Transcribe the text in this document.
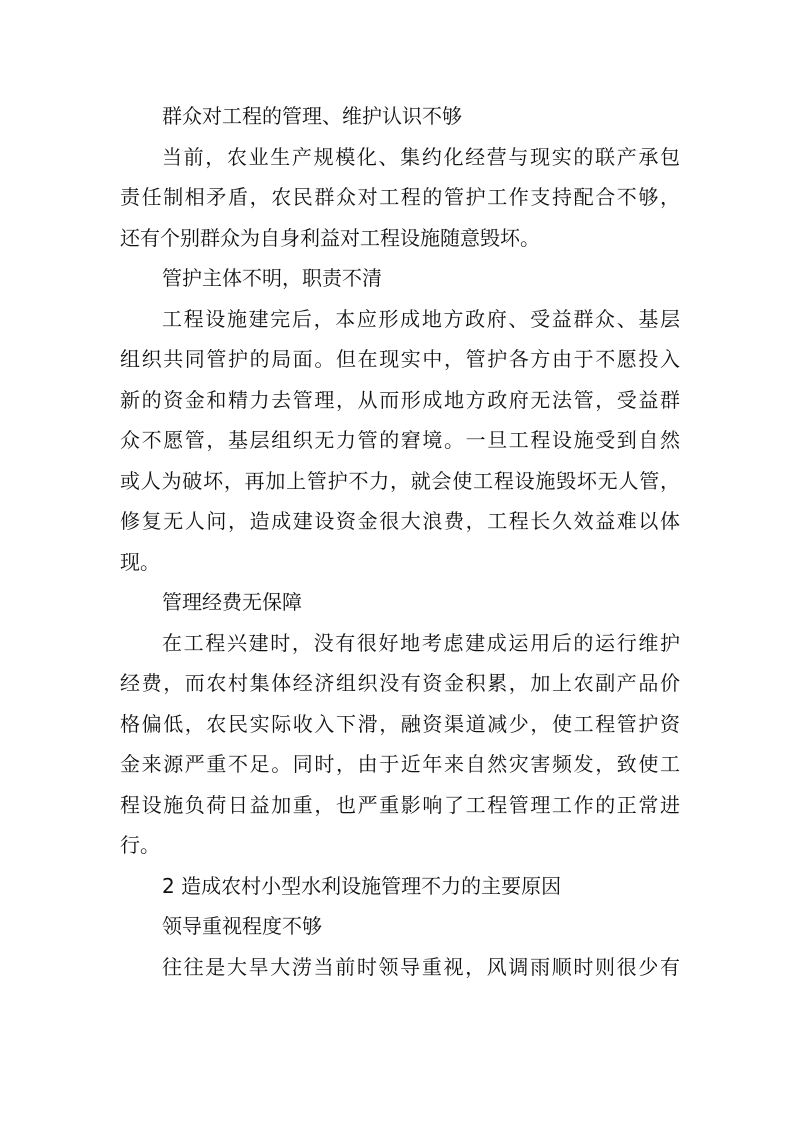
群众对工程的管理、维护认识不够
当前，农业生产规模化、集约化经营与现实的联产承包
责任制相矛盾，农民群众对工程的管护工作支持配合不够，
还有个别群众为自身利益对工程设施随意毁坏。
管护主体不明，职责不清
工程设施建完后，本应形成地方政府、受益群众、基层
组织共同管护的局面。但在现实中，管护各方由于不愿投入
新的资金和精力去管理，从而形成地方政府无法管，受益群
众不愿管，基层组织无力管的窘境。一旦工程设施受到自然
或人为破坏，再加上管护不力，就会使工程设施毁坏无人管，
修复无人问，造成建设资金很大浪费，工程长久效益难以体
现。
管理经费无保障
在工程兴建时，没有很好地考虑建成运用后的运行维护
经费，而农村集体经济组织没有资金积累，加上农副产品价
格偏低，农民实际收入下滑，融资渠道减少，使工程管护资
金来源严重不足。同时，由于近年来自然灾害频发，致使工
程设施负荷日益加重，也严重影响了工程管理工作的正常进
行。
2 造成农村小型水利设施管理不力的主要原因
领导重视程度不够
往往是大旱大涝当前时领导重视，风调雨顺时则很少有
